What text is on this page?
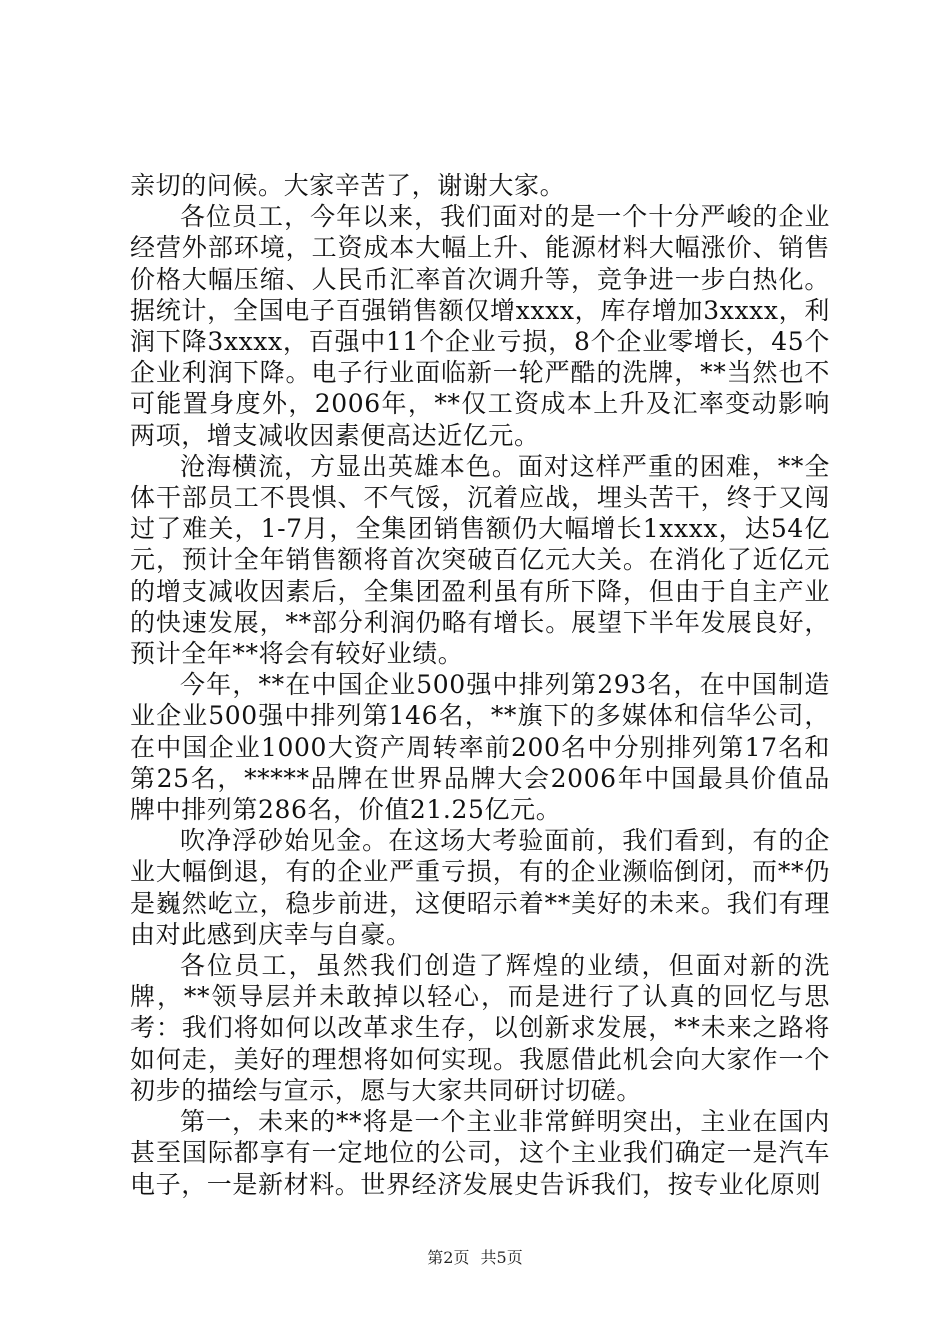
亲切的问候。大家辛苦了，谢谢大家。

各位员工，今年以来，我们面对的是一个十分严峻的企业经营外部环境，工资成本大幅上升、能源材料大幅涨价、销售价格大幅压缩、人民币汇率首次调升等，竞争进一步白热化。据统计，全国电子百强销售额仅增xxxx，库存增加3xxxx，利润下降3xxxx，百强中11个企业亏损，8个企业零增长，45个企业利润下降。电子行业面临新一轮严酷的洗牌，**当然也不可能置身度外，2006年，**仅工资成本上升及汇率变动影响两项，增支减收因素便高达近亿元。

沧海横流，方显出英雄本色。面对这样严重的困难，**全体干部员工不畏惧、不气馁，沉着应战，埋头苦干，终于又闯过了难关，1-7月，全集团销售额仍大幅增长1xxxx，达54亿元，预计全年销售额将首次突破百亿元大关。在消化了近亿元的增支减收因素后，全集团盈利虽有所下降，但由于自主产业的快速发展，**部分利润仍略有增长。展望下半年发展良好，预计全年**将会有较好业绩。

今年，**在中国企业500强中排列第293名，在中国制造业企业500强中排列第146名，**旗下的多媒体和信华公司，在中国企业1000大资产周转率前200名中分别排列第17名和第25名，*****品牌在世界品牌大会2006年中国最具价值品牌中排列第286名，价值21.25亿元。

吹净浮砂始见金。在这场大考验面前，我们看到，有的企业大幅倒退，有的企业严重亏损，有的企业濒临倒闭，而**仍是巍然屹立，稳步前进，这便昭示着**美好的未来。我们有理由对此感到庆幸与自豪。

各位员工，虽然我们创造了辉煌的业绩，但面对新的洗牌，**领导层并未敢掉以轻心，而是进行了认真的回忆与思考：我们将如何以改革求生存，以创新求发展，**未来之路将如何走，美好的理想将如何实现。我愿借此机会向大家作一个初步的描绘与宣示，愿与大家共同研讨切磋。

第一，未来的**将是一个主业非常鲜明突出，主业在国内甚至国际都享有一定地位的公司，这个主业我们确定一是汽车电子，一是新材料。世界经济发展史告诉我们，按专业化原则

第2页 共5页
